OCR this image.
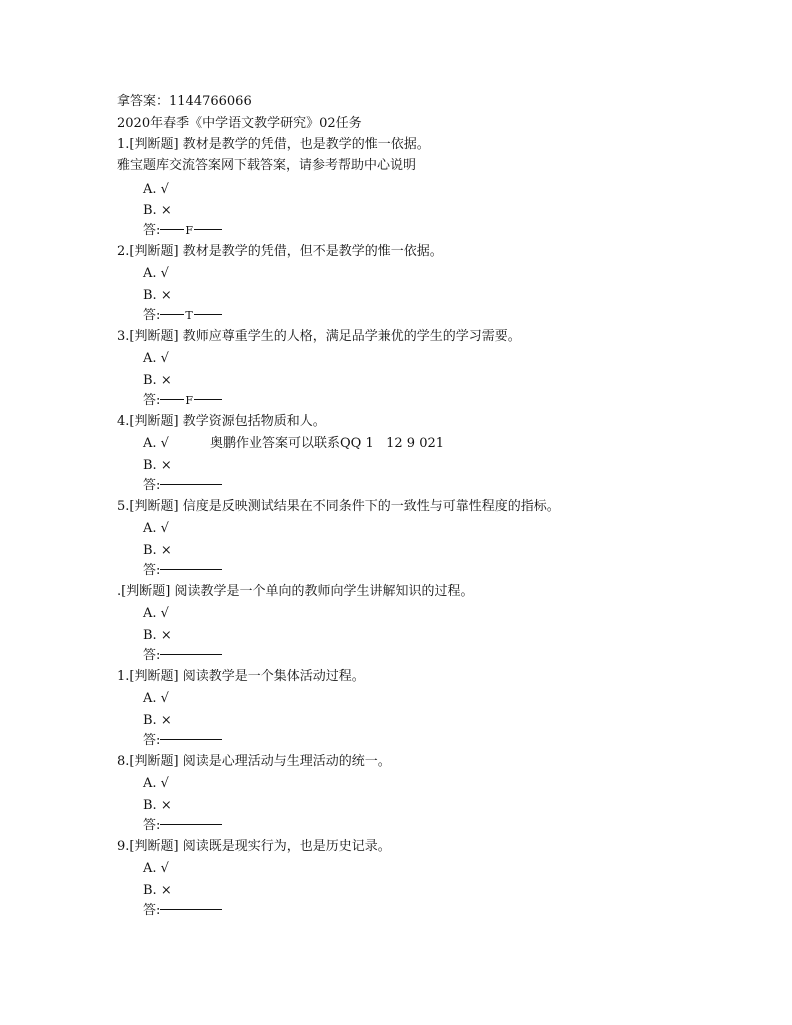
拿答案：1144766066
2020年春季《中学语文教学研究》02任务
1.[判断题] 教材是教学的凭借，也是教学的惟一依据。
雅宝题库交流答案网下载答案，请参考帮助中心说明
A. √
B. ×
答: F
2.[判断题] 教材是教学的凭借，但不是教学的惟一依据。
A. √
B. ×
答: T
3.[判断题] 教师应尊重学生的人格，满足品学兼优的学生的学习需要。
A. √
B. ×
答: F
4.[判断题] 教学资源包括物质和人。
A. √	奥鹏作业答案可以联系QQ 1   12 9 021
B. ×
答:
5.[判断题] 信度是反映测试结果在不同条件下的一致性与可靠性程度的指标。
A. √
B. ×
答:
.[判断题] 阅读教学是一个单向的教师向学生讲解知识的过程。
A. √
B. ×
答:
1.[判断题] 阅读教学是一个集体活动过程。
A. √
B. ×
答:
8.[判断题] 阅读是心理活动与生理活动的统一。
A. √
B. ×
答:
9.[判断题] 阅读既是现实行为，也是历史记录。
A. √
B. ×
答:
